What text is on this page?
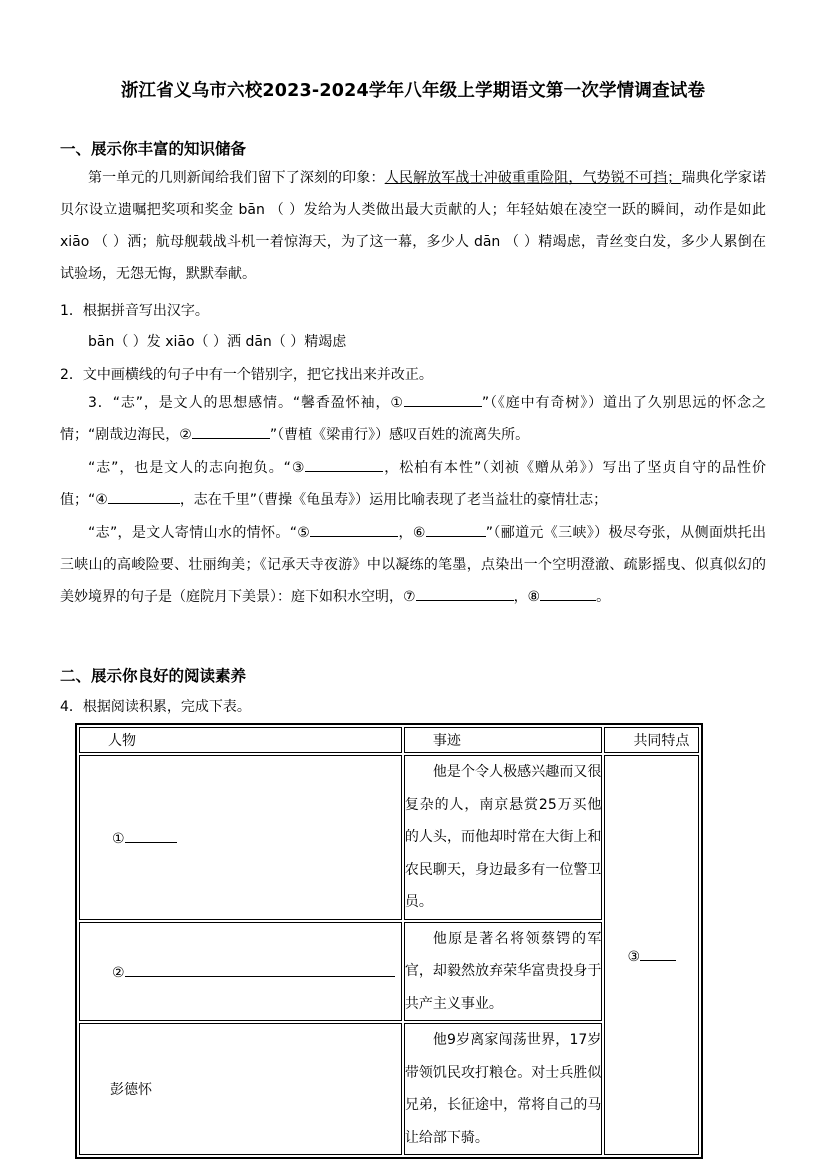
浙江省义乌市六校2023-2024学年八年级上学期语文第一次学情调查试卷
一、展示你丰富的知识储备
第一单元的几则新闻给我们留下了深刻的印象：人民解放军战士冲破重重险阻，气势锐不可挡；瑞典化学家诺贝尔设立遗嘱把奖项和奖金 bān （ ）发给为人类做出最大贡献的人；年轻姑娘在凌空一跃的瞬间，动作是如此 xiāo （ ）洒；航母舰载战斗机一着惊海天，为了这一幕，多少人 dān （ ）精竭虑，青丝变白发，多少人累倒在试验场，无怨无悔，默默奉献。
1．根据拼音写出汉字。
bān（ ）发 xiāo（ ）洒 dān（ ）精竭虑
2．文中画横线的句子中有一个错别字，把它找出来并改正。
3．“志”，是文人的思想感情。“馨香盈怀袖，①	”（《庭中有奇树》）道出了久别思远的怀念之情；“剧哉边海民，②	”（曹植《梁甫行》）感叹百姓的流离失所。
“志”，也是文人的志向抱负。“③	，松柏有本性”（刘祯《赠从弟》）写出了坚贞自守的品性价值；“④	，志在千里”（曹操《龟虽寿》）运用比喻表现了老当益壮的豪情壮志；
“志”，是文人寄情山水的情怀。“⑤	，⑥	”（郦道元《三峡》）极尽夸张，从侧面烘托出三峡山的高峻险要、壮丽绚美；《记承天寺夜游》中以凝练的笔墨，点染出一个空明澄澈、疏影摇曳、似真似幻的美妙境界的句子是（庭院月下美景）：庭下如积水空明，⑦	，⑧	。
二、展示你良好的阅读素养
4．根据阅读积累，完成下表。
人物	事迹	共同特点
①	他是个令人极感兴趣而又很复杂的人，南京悬赏25万买他的人头，而他却时常在大街上和农民聊天，身边最多有一位警卫员。	③
②	他原是著名将领蔡锷的军官，却毅然放弃荣华富贵投身于共产主义事业。	

彭德怀	他9岁离家闯荡世界，17岁带领饥民攻打粮仓。对士兵胜似兄弟，长征途中，常将自己的马让给部下骑。	
